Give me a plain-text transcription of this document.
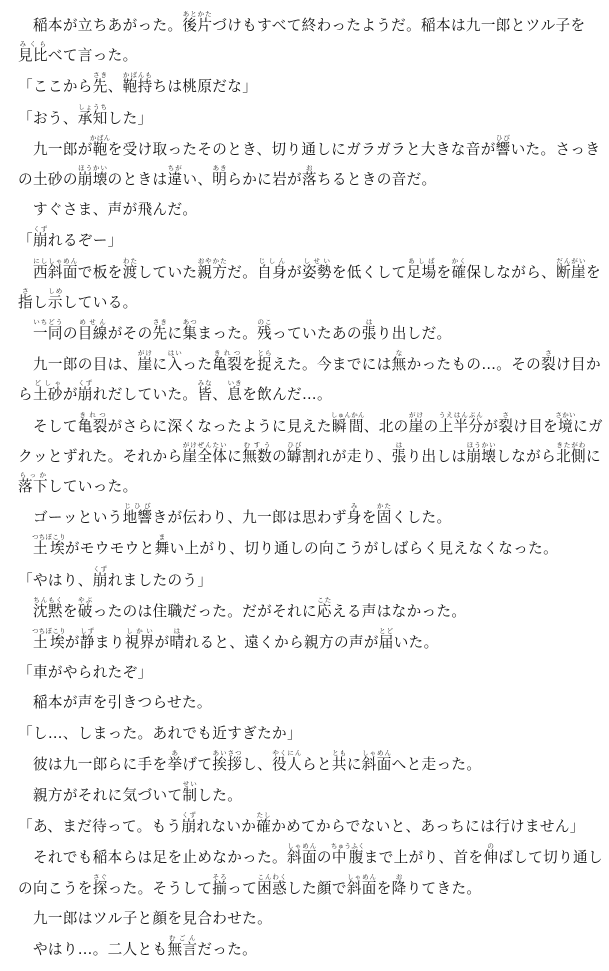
　稲本が立ちあがった。後片あとかたづけもすべて終わったようだ。稲本は九一郎とツル子を見比みくらべて言った。

「ここから先さき、鞄持かばんもちは桃原だな」

「おう、承知しょうちした」

　九一郎が鞄かばんを受け取ったそのとき、切り通しにガラガラと大きな音が響ひびいた。さっきの土砂の崩壊ほうかいのときは違ちがい、明あきらかに岩が落おちるときの音だ。

　すぐさま、声が飛んだ。

「崩くずれるぞー」

　西斜面にししゃめんで板を渡わたしていた親方おやかただ。自身じしんが姿勢しせいを低くして足場あしばを確かく保しながら、断崖だんがいを指さし示しめしている。

　一同いちどうの目線めせんがその先さきに集あつまった。残のこっていたあの張はり出しだ。

　九一郎の目は、崖がけに入はいった亀裂きれつを捉とらえた。今までには無なかったもの…。その裂さけ目から土砂どしゃが崩くずれだしていた。皆みな、息いきを飲んだ…。

　そして亀裂きれつがさらに深くなったように見えた瞬間しゅんかん、北の崖がけの上半分うえはんぶんが裂さけ目を境さかいにガクッとずれた。それから崖がけ全体ぜんたいに無数むすうの罅ひび割れが走り、張はり出しは崩壊ほうかいしながら北側きたがわに落下らっかしていった。

　ゴーッという地響じひびきが伝わり、九一郎は思わず身みを固かたくした。

　土埃つちぼこりがモウモウと舞まい上がり、切り通しの向こうがしばらく見えなくなった。

「やはり、崩くずれましたのう」

　沈黙ちんもくを破やぶったのは住職だった。だがそれに応こたえる声はなかった。

　土埃つちぼこりが静しずまり視界しかいが晴はれると、遠くから親方の声が届とどいた。

「車がやられたぞ」

　稲本が声を引きつらせた。

「し…、しまった。あれでも近すぎたか」

　彼は九一郎らに手を挙あげて挨拶あいさつし、役人やくにんらと共ともに斜面しゃめんへと走った。

　親方がそれに気づいて制せいした。

「あ、まだ待って。もう崩くずれないか確たしかめてからでないと、あっちには行けません」

　それでも稲本らは足を止めなかった。斜面しゃめんの中腹ちゅうふくまで上がり、首を伸のばして切り通しの向こうを探さぐった。そうして揃そろって困惑こんわくした顔で斜面しゃめんを降おりてきた。

　九一郎はツル子と顔を見合わせた。

　やはり…。二人とも無言むごんだった。
